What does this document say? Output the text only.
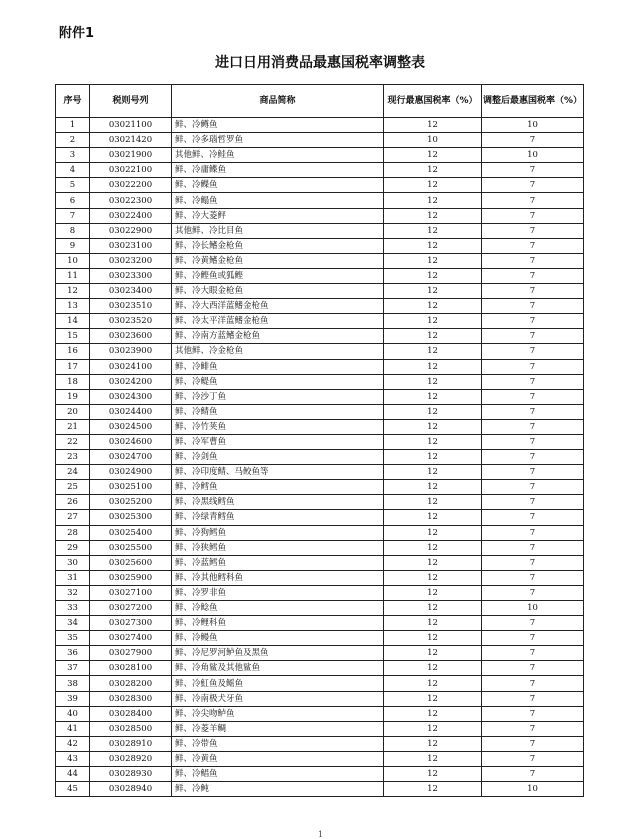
附件1
进口日用消费品最惠国税率调整表
序号	税则号列	商品简称	现行最惠国税率（%）	调整后最惠国税率（%）
1	03021100	鲜、冷鳟鱼	12	10
2	03021420	鲜、冷多瑙哲罗鱼	10	7
3	03021900	其他鲜、冷鲑鱼	12	10
4	03022100	鲜、冷庸鲽鱼	12	7
5	03022200	鲜、冷鲽鱼	12	7
6	03022300	鲜、冷鳎鱼	12	7
7	03022400	鲜、冷大菱鲆	12	7
8	03022900	其他鲜、冷比目鱼	12	7
9	03023100	鲜、冷长鳍金枪鱼	12	7
10	03023200	鲜、冷黄鳍金枪鱼	12	7
11	03023300	鲜、冷鲣鱼或狐鲣	12	7
12	03023400	鲜、冷大眼金枪鱼	12	7
13	03023510	鲜、冷大西洋蓝鳍金枪鱼	12	7
14	03023520	鲜、冷太平洋蓝鳍金枪鱼	12	7
15	03023600	鲜、冷南方蓝鳍金枪鱼	12	7
16	03023900	其他鲜、冷金枪鱼	12	7
17	03024100	鲜、冷鲱鱼	12	7
18	03024200	鲜、冷鳀鱼	12	7
19	03024300	鲜、冷沙丁鱼	12	7
20	03024400	鲜、冷鲭鱼	12	7
21	03024500	鲜、冷竹荚鱼	12	7
22	03024600	鲜、冷军曹鱼	12	7
23	03024700	鲜、冷剑鱼	12	7
24	03024900	鲜、冷印度鲭、马鲛鱼等	12	7
25	03025100	鲜、冷鳕鱼	12	7
26	03025200	鲜、冷黑线鳕鱼	12	7
27	03025300	鲜、冷绿青鳕鱼	12	7
28	03025400	鲜、冷狗鳕鱼	12	7
29	03025500	鲜、冷狭鳕鱼	12	7
30	03025600	鲜、冷蓝鳕鱼	12	7
31	03025900	鲜、冷其他鳕科鱼	12	7
32	03027100	鲜、冷罗非鱼	12	7
33	03027200	鲜、冷鲶鱼	12	10
34	03027300	鲜、冷鲤科鱼	12	7
35	03027400	鲜、冷鳗鱼	12	7
36	03027900	鲜、冷尼罗河鲈鱼及黑鱼	12	7
37	03028100	鲜、冷角鲨及其他鲨鱼	12	7
38	03028200	鲜、冷魟鱼及鳐鱼	12	7
39	03028300	鲜、冷南极犬牙鱼	12	7
40	03028400	鲜、冷尖吻鲈鱼	12	7
41	03028500	鲜、冷菱羊鲷	12	7
42	03028910	鲜、冷带鱼	12	7
43	03028920	鲜、冷黄鱼	12	7
44	03028930	鲜、冷鲳鱼	12	7
45	03028940	鲜、冷鲀	12	10
1
